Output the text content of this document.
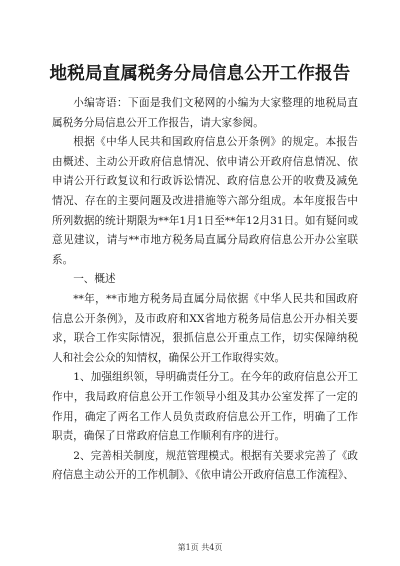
地税局直属税务分局信息公开工作报告

小编寄语：下面是我们文秘网的小编为大家整理的地税局直属税务分局信息公开工作报告，请大家参阅。

根据《中华人民共和国政府信息公开条例》的规定。本报告由概述、主动公开政府信息情况、依申请公开政府信息情况、依申请公开行政复议和行政诉讼情况、政府信息公开的收费及减免情况、存在的主要问题及改进措施等六部分组成。本年度报告中所列数据的统计期限为**年1月1日至**年12月31日。如有疑问或意见建议，请与**市地方税务局直属分局政府信息公开办公室联系。

一、概述

**年，**市地方税务局直属分局依据《中华人民共和国政府信息公开条例》，及市政府和XX省地方税务局信息公开办相关要求，联合工作实际情况，狠抓信息公开重点工作，切实保障纳税人和社会公众的知情权，确保公开工作取得实效。

1、加强组织领，导明确责任分工。在今年的政府信息公开工作中，我局政府信息公开工作领导小组及其办公室发挥了一定的作用，确定了两名工作人员负责政府信息公开工作，明确了工作职责，确保了日常政府信息工作顺利有序的进行。

2、完善相关制度，规范管理模式。根据有关要求完善了《政府信息主动公开的工作机制》、《依申请公开政府信息工作流程》、

第1页 共4页
